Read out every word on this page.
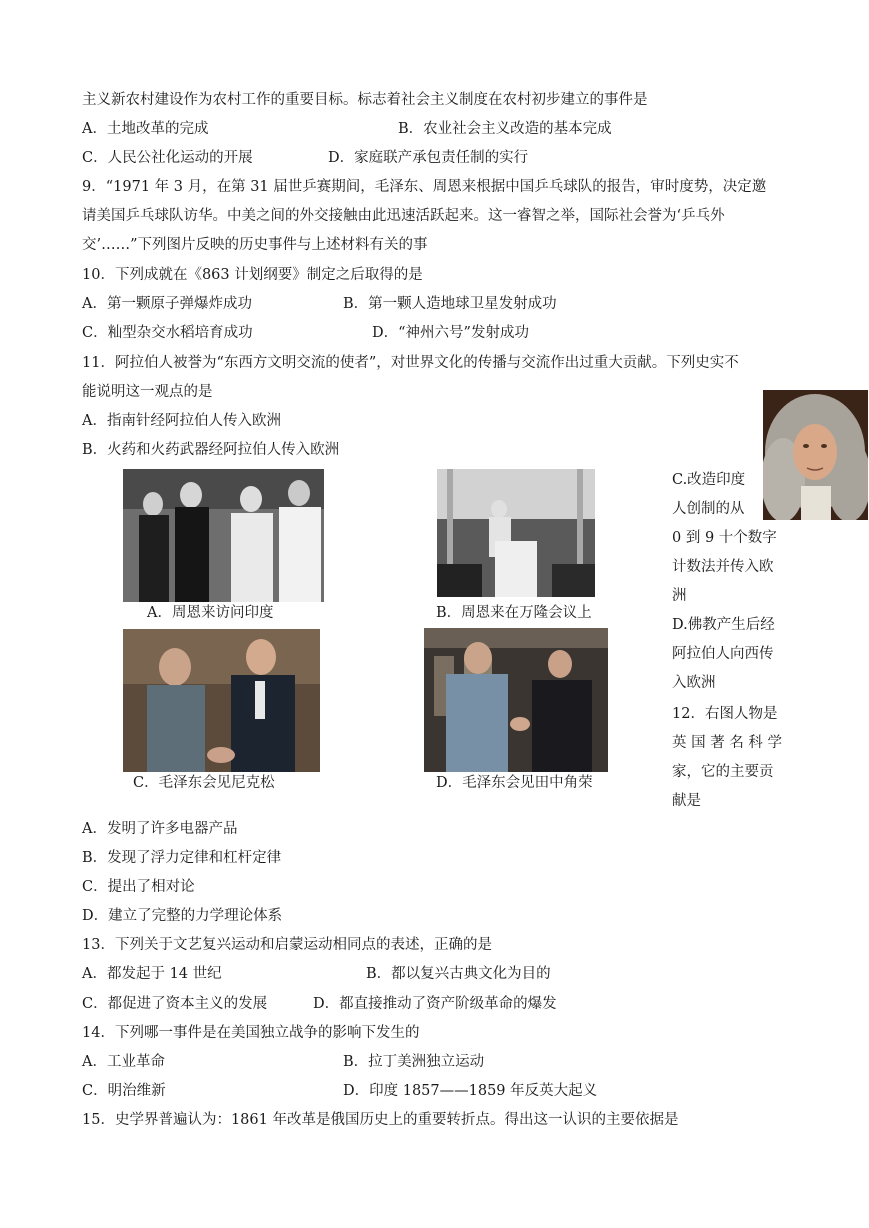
主义新农村建设作为农村工作的重要目标。标志着社会主义制度在农村初步建立的事件是
A．土地改革的完成	B．农业社会主义改造的基本完成
C．人民公社化运动的开展	D．家庭联产承包责任制的实行
9．“1971 年 3 月，在第 31 届世乒赛期间，毛泽东、周恩来根据中国乒乓球队的报告，审时度势，决定邀
请美国乒乓球队访华。中美之间的外交接触由此迅速活跃起来。这一睿智之举，国际社会誉为‘乒乓外
交’……”下列图片反映的历史事件与上述材料有关的事
10．下列成就在《863 计划纲要》制定之后取得的是
A．第一颗原子弹爆炸成功	B．第一颗人造地球卫星发射成功
C．籼型杂交水稻培育成功	D．“神州六号”发射成功
11．阿拉伯人被誉为“东西方文明交流的使者”，对世界文化的传播与交流作出过重大贡献。下列史实不
能说明这一观点的是
A．指南针经阿拉伯人传入欧洲
B．火药和火药武器经阿拉伯人传入欧洲
C.改造印度
人创制的从
0 到 9 十个数字
计数法并传入欧
洲
D.佛教产生后经
阿拉伯人向西传
入欧洲
12．右图人物是
英 国 著 名 科 学
家，它的主要贡
献是
A．周恩来访问印度	B．周恩来在万隆会议上
C．毛泽东会见尼克松	D．毛泽东会见田中角荣
A．发明了许多电器产品
B．发现了浮力定律和杠杆定律
C．提出了相对论
D．建立了完整的力学理论体系
13．下列关于文艺复兴运动和启蒙运动相同点的表述，正确的是
A．都发起于 14 世纪	B．都以复兴古典文化为目的
C．都促进了资本主义的发展	D．都直接推动了资产阶级革命的爆发
14．下列哪一事件是在美国独立战争的影响下发生的
A．工业革命	B．拉丁美洲独立运动
C．明治维新	D．印度 1857——1859 年反英大起义
15．史学界普遍认为：1861 年改革是俄国历史上的重要转折点。得出这一认识的主要依据是
